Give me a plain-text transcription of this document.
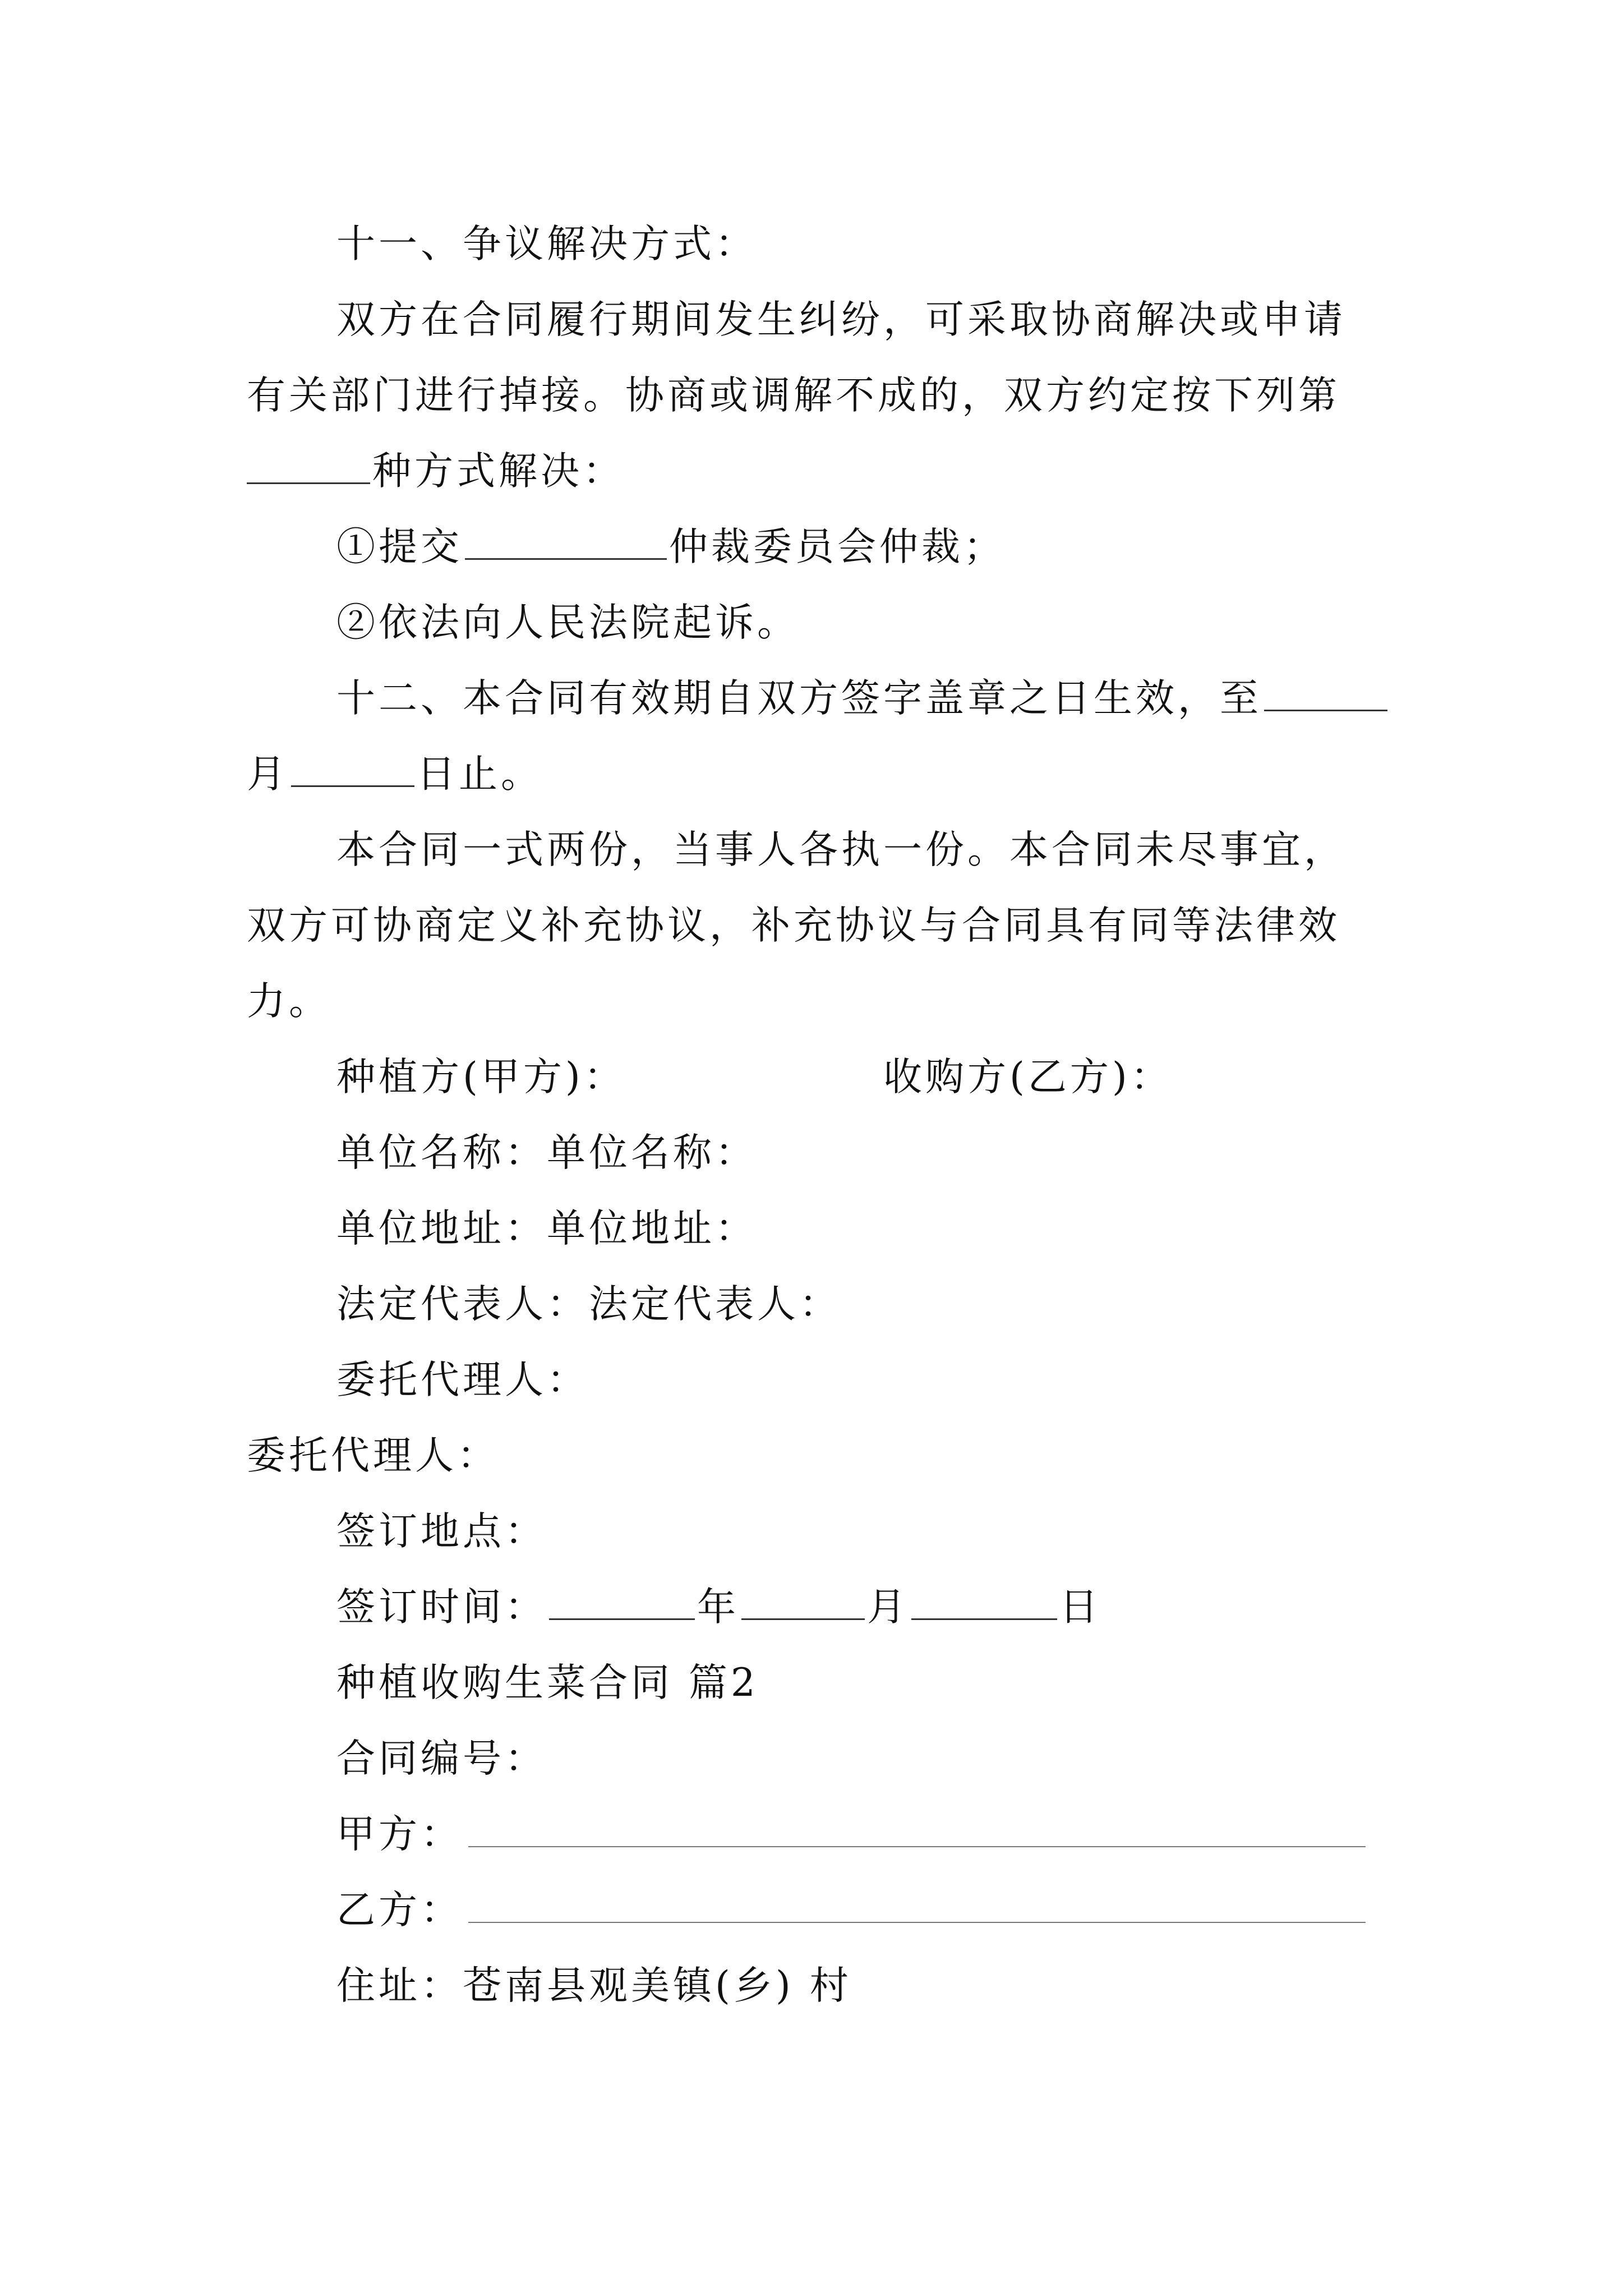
十一、争议解决方式：
双方在合同履行期间发生纠纷，可采取协商解决或申请
有关部门进行掉接。协商或调解不成的，双方约定按下列第
种方式解决：
①提交	仲裁委员会仲裁；
②依法向人民法院起诉。
十二、本合同有效期自双方签字盖章之日生效，至
月	日止。
本合同一式两份，当事人各执一份。本合同未尽事宜，
双方可协商定义补充协议，补充协议与合同具有同等法律效
力。
种植方(甲方)：	收购方(乙方)：
单位名称：单位名称：
单位地址：单位地址：
法定代表人：法定代表人：
委托代理人：
委托代理人：
签订地点：
签订时间：	年	月	日
种植收购生菜合同 篇2
合同编号：
甲方：
乙方：
住址：苍南县观美镇(乡) 村
